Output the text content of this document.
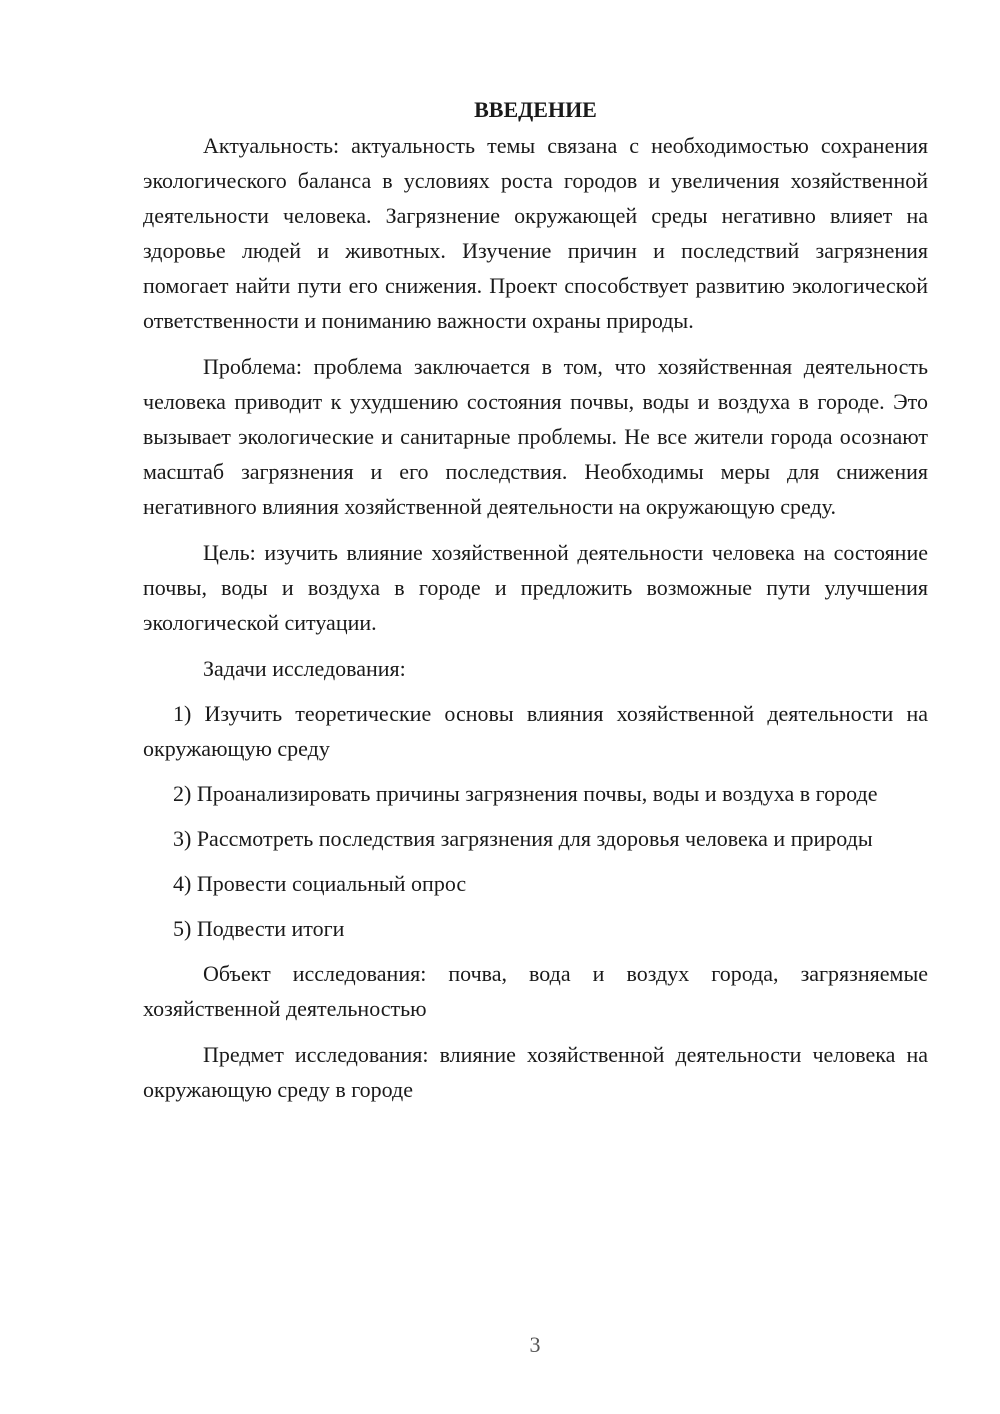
ВВЕДЕНИЕ

Актуальность: актуальность темы связана с необходимостью сохранения экологического баланса в условиях роста городов и увеличения хозяйственной деятельности человека. Загрязнение окружающей среды негативно влияет на здоровье людей и животных. Изучение причин и последствий загрязнения помогает найти пути его снижения. Проект способствует развитию экологической ответственности и пониманию важности охраны природы.

Проблема: проблема заключается в том, что хозяйственная деятельность человека приводит к ухудшению состояния почвы, воды и воздуха в городе. Это вызывает экологические и санитарные проблемы. Не все жители города осознают масштаб загрязнения и его последствия. Необходимы меры для снижения негативного влияния хозяйственной деятельности на окружающую среду.

Цель: изучить влияние хозяйственной деятельности человека на состояние почвы, воды и воздуха в городе и предложить возможные пути улучшения экологической ситуации.

Задачи исследования:

1) Изучить теоретические основы влияния хозяйственной деятельности на окружающую среду

2) Проанализировать причины загрязнения почвы, воды и воздуха в городе

3) Рассмотреть последствия загрязнения для здоровья человека и природы

4) Провести социальный опрос

5) Подвести итоги

Объект исследования: почва, вода и воздух города, загрязняемые хозяйственной деятельностью

Предмет исследования: влияние хозяйственной деятельности человека на окружающую среду в городе

3
